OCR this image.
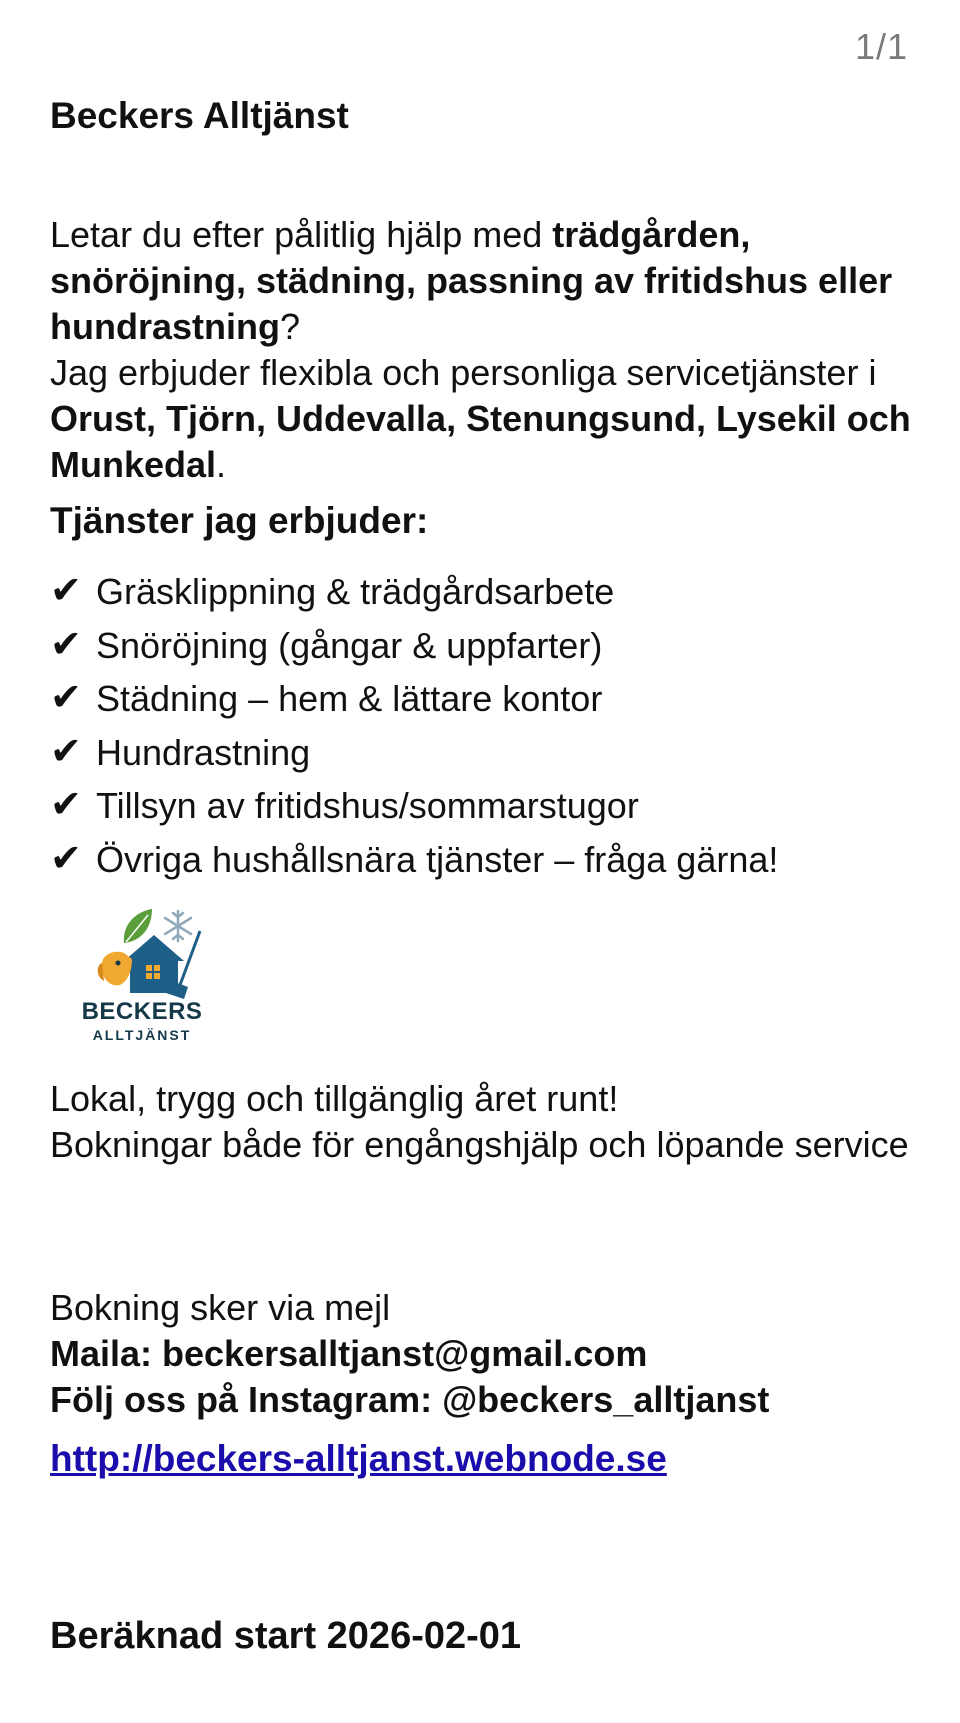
1/1
Beckers Alltjänst

Letar du efter pålitlig hjälp med trädgården, snöröjning, städning, passning av fritidshus eller hundrastning?
Jag erbjuder flexibla och personliga servicetjänster i Orust, Tjörn, Uddevalla, Stenungsund, Lysekil och Munkedal.

Tjänster jag erbjuder:
✔ Gräsklippning & trädgårdsarbete
✔ Snöröjning (gångar & uppfarter)
✔ Städning – hem & lättare kontor
✔ Hundrastning
✔ Tillsyn av fritidshus/sommarstugor
✔ Övriga hushållsnära tjänster – fråga gärna!
BECKERS
ALLTJÄNST

Lokal, trygg och tillgänglig året runt!
Bokningar både för engångshjälp och löpande service

Bokning sker via mejl
Maila: beckersalltjanst@gmail.com
Följ oss på Instagram: @beckers_alltjanst

http://beckers-alltjanst.webnode.se

Beräknad start 2026-02-01
